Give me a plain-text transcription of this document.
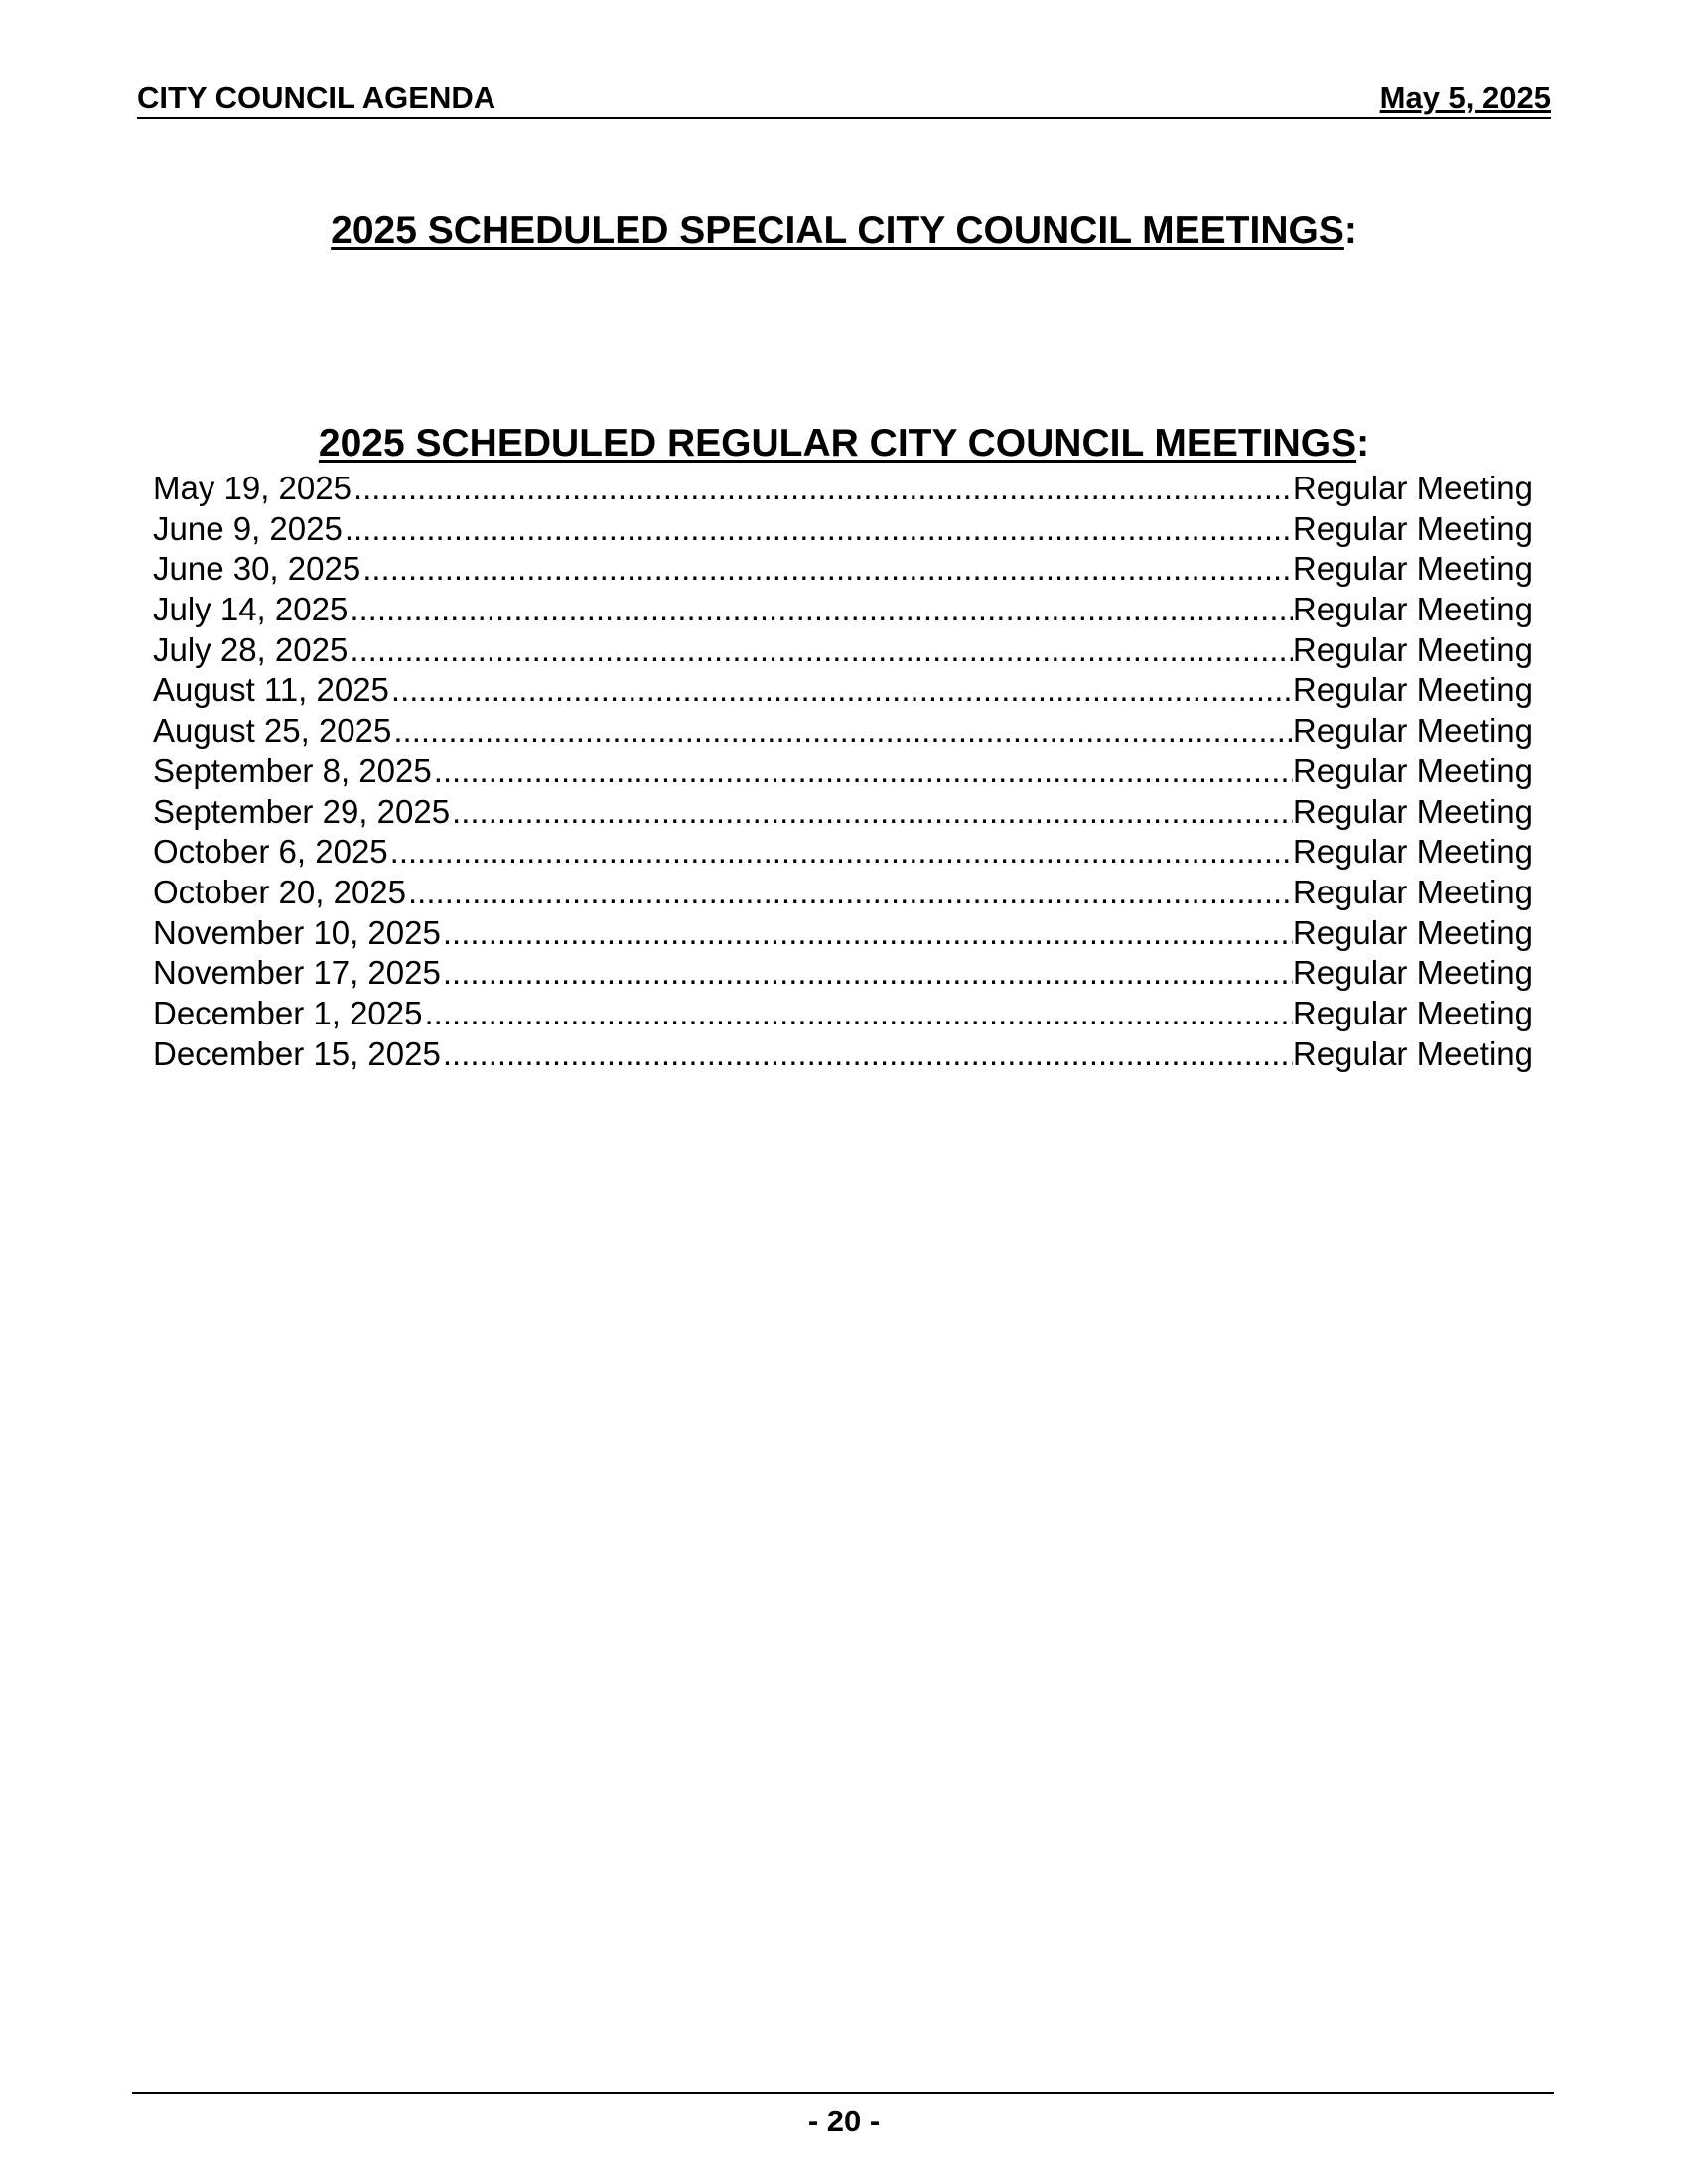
CITY COUNCIL AGENDA	May 5, 2025
2025 SCHEDULED SPECIAL CITY COUNCIL MEETINGS:
2025 SCHEDULED REGULAR CITY COUNCIL MEETINGS:
May 19, 2025 .....	Regular Meeting
June 9, 2025 .....	Regular Meeting
June 30, 2025 .....	Regular Meeting
July 14, 2025 .....	Regular Meeting
July 28, 2025 .....	Regular Meeting
August 11, 2025 .....	Regular Meeting
August 25, 2025 .....	Regular Meeting
September 8, 2025 .....	Regular Meeting
September 29, 2025 .....	Regular Meeting
October 6, 2025 .....	Regular Meeting
October 20, 2025 .....	Regular Meeting
November 10, 2025 .....	Regular Meeting
November 17, 2025 .....	Regular Meeting
December 1, 2025 .....	Regular Meeting
December 15, 2025 .....	Regular Meeting
- 20 -
